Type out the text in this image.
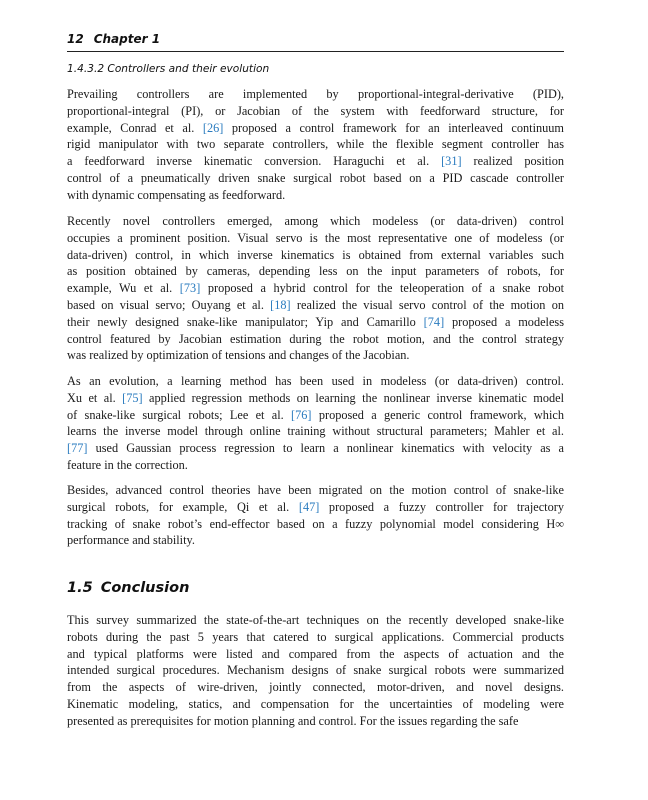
12 Chapter 1
1.4.3.2 Controllers and their evolution
Prevailing controllers are implemented by proportional-integral-derivative (PID),
proportional-integral (PI), or Jacobian of the system with feedforward structure, for
example, Conrad et al. [26] proposed a control framework for an interleaved continuum
rigid manipulator with two separate controllers, while the flexible segment controller has
a feedforward inverse kinematic conversion. Haraguchi et al. [31] realized position
control of a pneumatically driven snake surgical robot based on a PID cascade controller
with dynamic compensating as feedforward.
Recently novel controllers emerged, among which modeless (or data-driven) control
occupies a prominent position. Visual servo is the most representative one of modeless (or
data-driven) control, in which inverse kinematics is obtained from external variables such
as position obtained by cameras, depending less on the input parameters of robots, for
example, Wu et al. [73] proposed a hybrid control for the teleoperation of a snake robot
based on visual servo; Ouyang et al. [18] realized the visual servo control of the motion on
their newly designed snake-like manipulator; Yip and Camarillo [74] proposed a modeless
control featured by Jacobian estimation during the robot motion, and the control strategy
was realized by optimization of tensions and changes of the Jacobian.
As an evolution, a learning method has been used in modeless (or data-driven) control.
Xu et al. [75] applied regression methods on learning the nonlinear inverse kinematic model
of snake-like surgical robots; Lee et al. [76] proposed a generic control framework, which
learns the inverse model through online training without structural parameters; Mahler et al.
[77] used Gaussian process regression to learn a nonlinear kinematics with velocity as a
feature in the correction.
Besides, advanced control theories have been migrated on the motion control of snake-like
surgical robots, for example, Qi et al. [47] proposed a fuzzy controller for trajectory
tracking of snake robot’s end-effector based on a fuzzy polynomial model considering H∞
performance and stability.
1.5 Conclusion
This survey summarized the state-of-the-art techniques on the recently developed snake-like
robots during the past 5 years that catered to surgical applications. Commercial products
and typical platforms were listed and compared from the aspects of actuation and the
intended surgical procedures. Mechanism designs of snake surgical robots were summarized
from the aspects of wire-driven, jointly connected, motor-driven, and novel designs.
Kinematic modeling, statics, and compensation for the uncertainties of modeling were
presented as prerequisites for motion planning and control. For the issues regarding the safe
